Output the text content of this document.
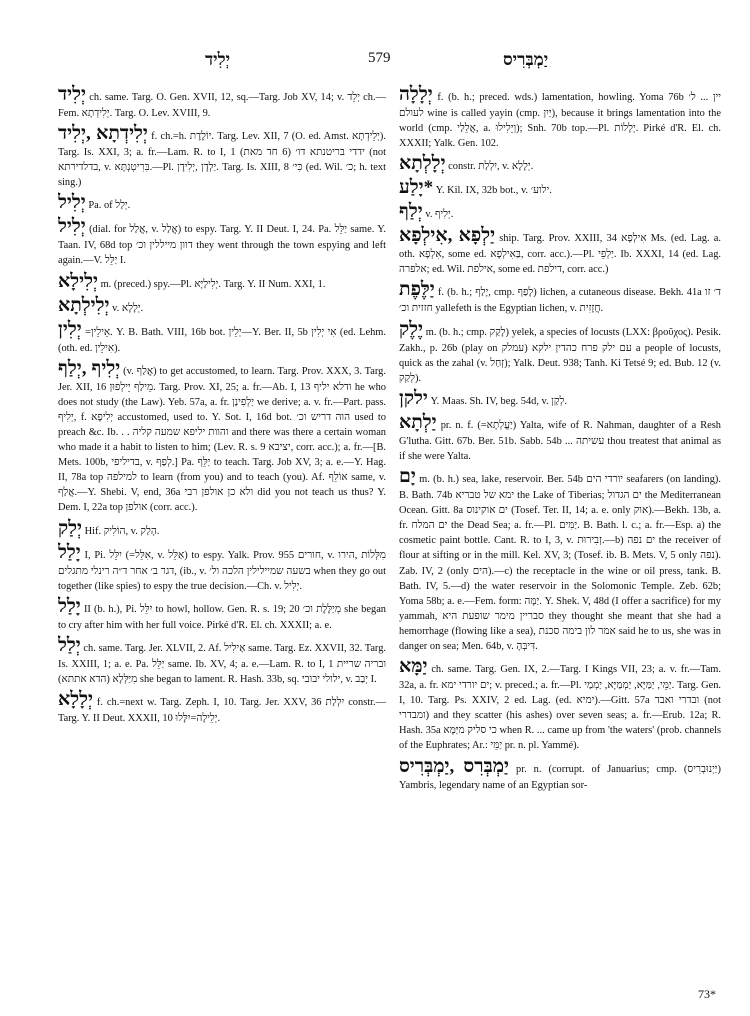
יְלִיד	579	יַמְבְּרִיס

יְלִיד ch. same. Targ. O. Gen. XVII, 12, sq.—Targ. Job XV, 14; v. יְלֵד ch.—Fem. יְלִידְתָא. Targ. O. Lev. XVIII, 9.

יְלִידְתָא ,יְלִיד f. ch.=h. יוֹלֶדֶת. Targ. Lev. XII, 7 (O. ed. Amst. יְלֵידְתָא). Targ. Is. XXI, 3; a. fr.—Lam. R. to I, 1 ידדי בריטנתא דו׳ (6 חד מאת) (not בדלדירתא, v. בִּרִיטְנְתָּא.—Pl. יַלְדָן ,יְלִידָן. Targ. Is. XIII, 8 כִּי׳ (ed. Wil. כ׳; h. text sing.)

יְלִיל Pa. of יְלַל.

יְלִיל (dial. for אֲלַל, v. אֲלַל) to espy. Targ. Y. II Deut. I, 24. Pa. יַלֵּל same. Y. Taan. IV, 68d top דוון מייללין וכ׳ they went through the town espying and left again.—V. יַלֵּל I.

יְלִילָא m. (preced.) spy.—Pl. יְלִילַיָּא. Targ. Y. II Num. XXI, 1.

יְלִילְתָא v. יְלָלָא.

יְלִין =אֵילֵין. Y. B. Bath. VIII, 16b bot. יְלֵין—Y. Ber. II, 5b אִי יְלִין (ed. Lehm. (oth. ed. אִילֵין).

יְלִיף ,יְלַף (v. אֲלַף) to get accustomed, to learn. Targ. Prov. XXX, 3. Targ. Jer. XII, 16 מֵילַף יֵילְפוּן. Targ. Prov. XI, 25; a. fr.—Ab. I, 13 ודלא יליף he who does not study (the Law). Yeb. 57a, a. fr. יַלְפִינַן we derive; a. v. fr.—Part. pass. יְלִיף, f. יְלִיפָא accustomed, used to. Y. Sot. I, 16d bot. הוה דריש וכ׳ used to preach &c. Ib. . . והוות יליפא שמעה קליה and there was there a certain woman who made it a habit to listen to him; (Lev. R. s. 9 יציבא, corr. acc.); a. fr.—[B. Mets. 100b, בדיליפי, v. לְפַף.] Pa. יַלֵּף to teach. Targ. Job XV, 3; a. e.—Y. Hag. II, 78a top למילפה to learn (from you) and to teach (you). Af. אוֹלֵף same, v. אֲלַף.—Y. Shebi. V, end, 36a ולא כן אולפן רבי did you not teach us thus? Y. Dem. I, 22a top אולפן (corr. acc.).

יְלַק Hif. הוֹלִיק, v. הָלַק.

יָלַל I, Pi. יִלֵּל (=אִלֵּל, v. אַלֵּל) to espy. Yalk. Prov. 955 חורים, v. מִלְּלוֹת ,הירו ,דגר ב׳ אחר ד״ה רינלי מתגלים (ib., v. בשעה שמיילילין הלכה ול׳ when they go out together (like spies) to espy the true decision.—Ch. v. יְלִיל.

יָלַל II (b. h.), Pi. יִלֵּל to howl, hollow. Gen. R. s. 19; 20 מְיַלֶּלֶת וכ׳ she began to cry after him with her full voice. Pirké d'R. El. ch. XXXII; a. e.

יְלַל ch. same. Targ. Jer. XLVII, 2. Af. אַילִיל same. Targ. Ez. XXVII, 32. Targ. Is. XXIII, 1; a. e. Pa. יַלֵּל same. Ib. XV, 4; a. e.—Lam. R. to I, 1 ובריה שריית מִיַּלְּלָא (הדא אתתא) she began to lament. R. Hash. 33b, sq. ילולי יבובי, v. יְבַב I.

יְלָלָא f. ch.=next w. Targ. Zeph. I, 10. Targ. Jer. XXV, 36 יִלְלַת constr.—Targ. Y. II Deut. XXXII, 10 יְלֵילָה=יִלָּלוּ.

יְלָלָה f. (b. h.; preced. wds.) lamentation, howling. Yoma 76b יין ... ל׳ לעולם wine is called yayin (cmp. יַיִן), because it brings lamentation into the world (cmp. אֲלֵלַי, a. וְיֵלִילוּ); Snh. 70b top.—Pl. יְלָלוֹת. Pirké d'R. El. ch. XXXII; Yalk. Gen. 102.

יְלָלְתָא constr. יִלְלַת, v. יְלָלָא.

*יָלַע Y. Kil. IX, 32b bot., v. ילוע׳.

יְלַף v. יְלִיף.

יַלְפָא ,אִילְפָא ship. Targ. Prov. XXIII, 34 אִילְפָא Ms. (ed. Lag. a. oth. אִלְפָא, some ed. בַּאִילְפָא, corr. acc.).—Pl. יַלְפֵי. Ib. XXXI, 14 (ed. Lag. אלפרה; ed. Wil. אילפת, some ed. דילפת, corr. acc.)

יַלֶּפֶת f. (b. h.; יָלַף, cmp. לָפַף) lichen, a cutaneous disease. Bekh. 41a ד׳ זו חזזית וכ׳ yallefeth is the Egyptian lichen, v. חֲזָזִית.

יֶלֶק m. (b. h.; cmp. לָקַק) yelek, a species of locusts (LXX: βροῦχος). Pesik. Zakh., p. 26b (play on עמלק) עם ילק פרח כהדין ילקא a people of locusts, quick as the zahal (v. זְחַל); Yalk. Deut. 938; Tanh. Ki Tetsé 9; ed. Bub. 12 (v. לְקַק).

ילקן Y. Maas. Sh. IV, beg. 54d, v. לְקַן.

יַלְתָא pr. n. f. (=יַעֲלְתָא) Yalta, wife of R. Nahman, daughter of a Resh G'lutha. Gitt. 67b. Ber. 51b. Sabb. 54b ... עשיתה thou treatest that animal as if she were Yalta.

יָם m. (b. h.) sea, lake, reservoir. Ber. 54b יורדי הים seafarers (on landing). B. Bath. 74b ימא של טבריא the Lake of Tiberias; ים הגדול the Mediterranean Ocean. Gitt. 8a ים אוקינוס (Tosef. Ter. II, 14; a. e. only אוק).—Bekh. 13b, a. fr. ים המלח the Dead Sea; a. fr.—Pl. יַמִּים. B. Bath. l. c.; a. fr.—Esp. a) the cosmetic paint bottle. Cant. R. to I, 3, v. זְבִירוּת.—b) ים נפה the receiver of flour at sifting or in the mill. Kel. XV, 3; (Tosef. ib. B. Mets. V, 5 only נפה). Zab. IV, 2 (only הים).—c) the receptacle in the wine or oil press, tank. B. Bath. IV, 5.—d) the water reservoir in the Solomonic Temple. Zeb. 62b; Yoma 58b; a. e.—Fem. form: יַמָּה. Y. Shek. V, 48d (I offer a sacrifice) for my yammah, סבריין מימר שופעת היא they thought she meant that she had a hemorrhage (flowing like a sea), אמר לון בימה סכנת said he to us, she was in danger on sea; Men. 64b, v. דִּיבְּהָ.

יַמָּא ch. same. Targ. Gen. IX, 2.—Targ. I Kings VII, 23; a. v. fr.—Tam. 32a, a. fr. ים יורדי ימא; v. preced.; a. fr.—Pl. יַמֵּי, יַמַּיָּא, יַמְמַיָּא, יַמְמַי. Targ. Gen. I, 10. Targ. Ps. XXIV, 2 ed. Lag. (ed. ימיא).—Gitt. 57a ובדרי ואבד (not ומבדרי) and they scatter (his ashes) over seven seas; a. fr.—Erub. 12a; R. Hash. 35a כי סליק מיַּמָּא when R. ... came up from 'the waters' (prob. channels of the Euphrates; Ar.: יַמֵּי pr. n. pl. Yammé).

יַמְבְּרִס ,יַמְבְּרִיס pr. n. (corrupt. of Januarius; cmp. (יַיְנוּבְרִיס) Yambris, legendary name of an Egyptian sor-

73*
